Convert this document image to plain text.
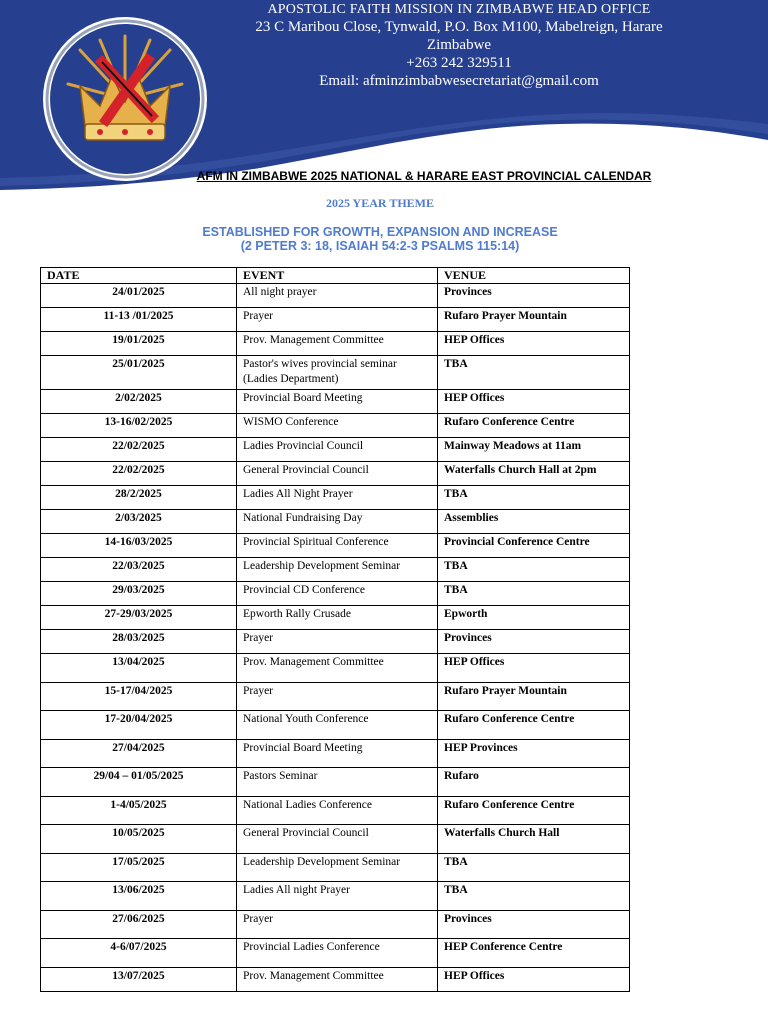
APOSTOLIC FAITH MISSION IN ZIMBABWE HEAD OFFICE
23 C Maribou Close, Tynwald, P.O. Box M100, Mabelreign, Harare
Zimbabwe
+263 242 329511
Email: afminzimbabwesecretariat@gmail.com
AFM IN ZIMBABWE 2025 NATIONAL & HARARE EAST PROVINCIAL CALENDAR
2025 YEAR THEME
ESTABLISHED FOR GROWTH, EXPANSION AND INCREASE
(2 PETER 3: 18, ISAIAH 54:2-3 PSALMS 115:14)
DATE	EVENT	VENUE
24/01/2025	All night prayer	Provinces
11-13 /01/2025	Prayer	Rufaro Prayer Mountain
19/01/2025	Prov. Management Committee	HEP Offices
25/01/2025	Pastor's wives provincial seminar (Ladies Department)	TBA
2/02/2025	Provincial Board Meeting	HEP Offices
13-16/02/2025	WISMO Conference	Rufaro Conference Centre
22/02/2025	Ladies Provincial Council	Mainway Meadows at 11am
22/02/2025	General Provincial Council	Waterfalls Church Hall at 2pm
28/2/2025	Ladies All Night Prayer	TBA
2/03/2025	National Fundraising Day	Assemblies
14-16/03/2025	Provincial Spiritual Conference	Provincial Conference Centre
22/03/2025	Leadership Development Seminar	TBA
29/03/2025	Provincial CD Conference	TBA
27-29/03/2025	Epworth Rally Crusade	Epworth
28/03/2025	Prayer	Provinces
13/04/2025	Prov. Management Committee	HEP Offices
15-17/04/2025	Prayer	Rufaro Prayer Mountain
17-20/04/2025	National Youth Conference	Rufaro Conference Centre
27/04/2025	Provincial Board Meeting	HEP Provinces
29/04 – 01/05/2025	Pastors Seminar	Rufaro
1-4/05/2025	National Ladies Conference	Rufaro Conference Centre
10/05/2025	General Provincial Council	Waterfalls Church Hall
17/05/2025	Leadership Development Seminar	TBA
13/06/2025	Ladies All night Prayer	TBA
27/06/2025	Prayer	Provinces
4-6/07/2025	Provincial Ladies Conference	HEP Conference Centre
13/07/2025	Prov. Management Committee	HEP Offices
